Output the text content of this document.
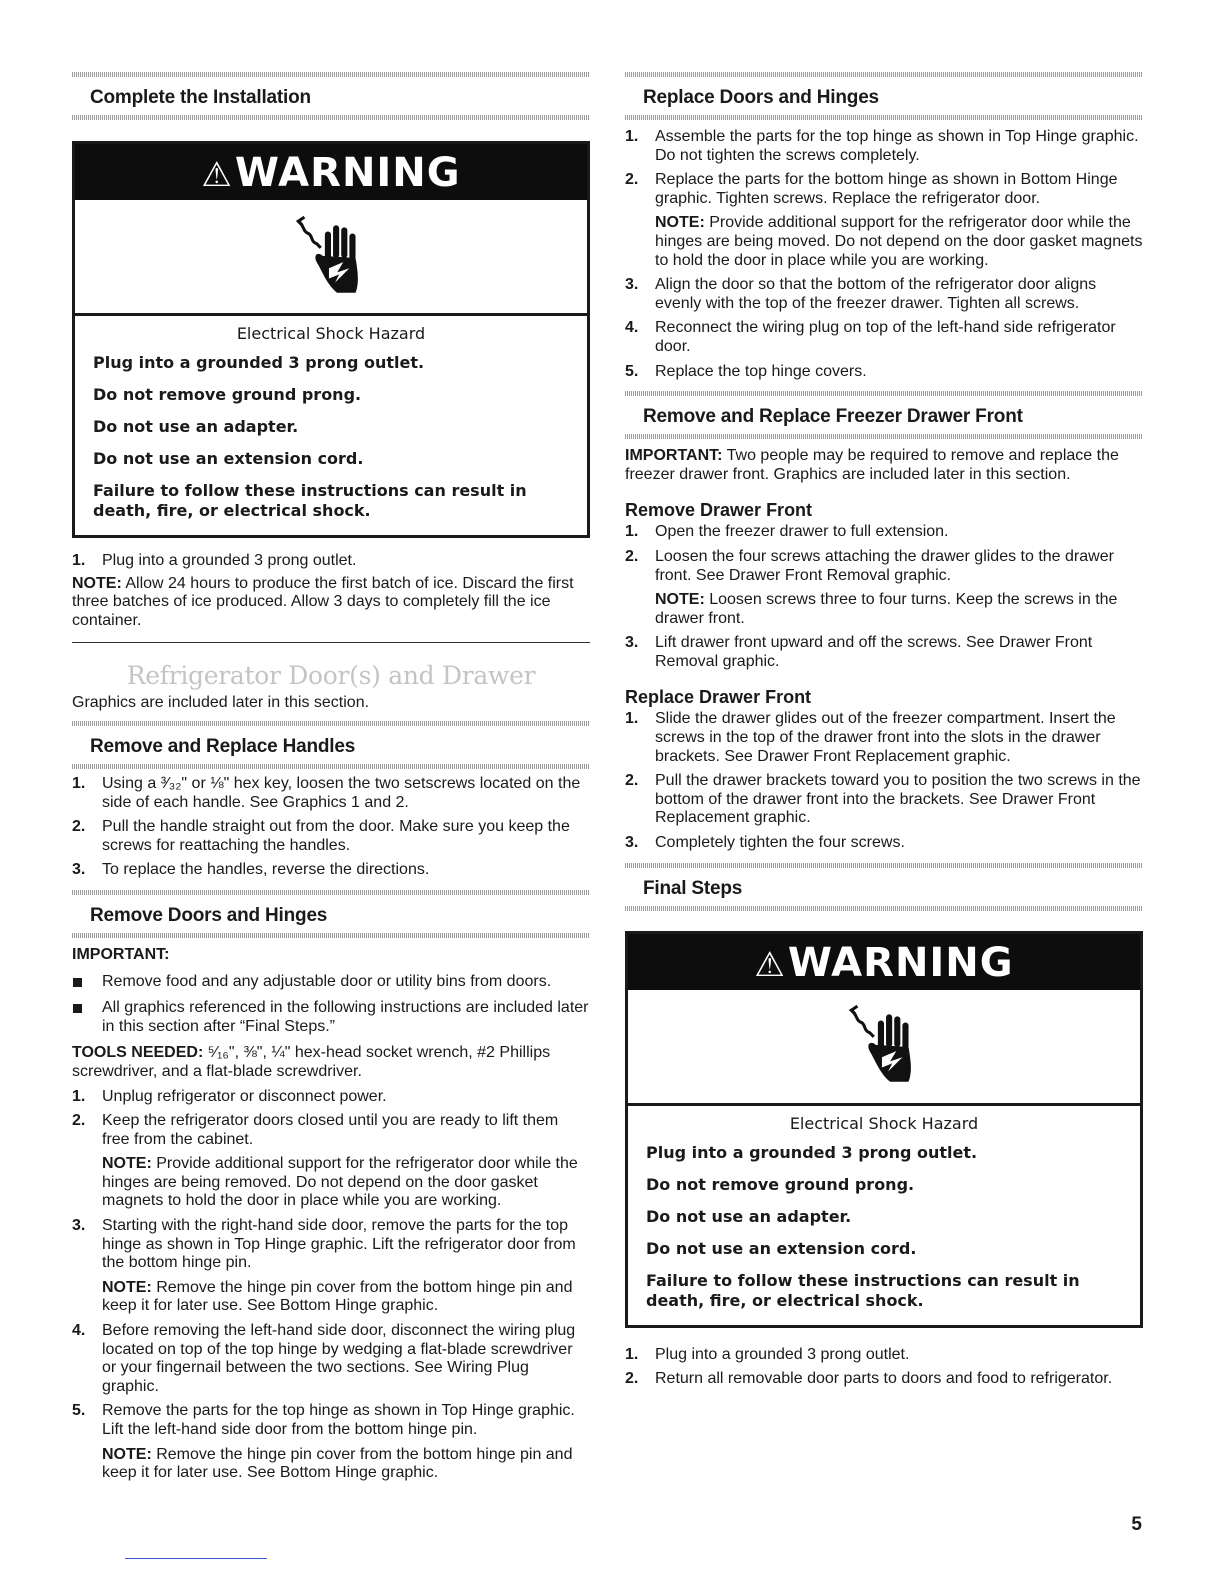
Complete the Installation
⚠WARNING
Electrical Shock Hazard
Plug into a grounded 3 prong outlet.
Do not remove ground prong.
Do not use an adapter.
Do not use an extension cord.
Failure to follow these instructions can result in death, fire, or electrical shock.
1. Plug into a grounded 3 prong outlet.

NOTE: Allow 24 hours to produce the first batch of ice. Discard the first three batches of ice produced. Allow 3 days to completely fill the ice container.

Refrigerator Door(s) and Drawer

Graphics are included later in this section.

Remove and Replace Handles
1. Using a ³⁄₃₂" or ⅛" hex key, loosen the two setscrews located on the side of each handle. See Graphics 1 and 2.
2. Pull the handle straight out from the door. Make sure you keep the screws for reattaching the handles.
3. To replace the handles, reverse the directions.
Remove Doors and Hinges

IMPORTANT:

Remove food and any adjustable door or utility bins from doors.
All graphics referenced in the following instructions are included later in this section after “Final Steps.”

TOOLS NEEDED: ⁵⁄₁₆", ⅜", ¼" hex-head socket wrench, #2 Phillips screwdriver, and a flat-blade screwdriver.

1. Unplug refrigerator or disconnect power.
2. Keep the refrigerator doors closed until you are ready to lift them free from the cabinet.
NOTE: Provide additional support for the refrigerator door while the hinges are being removed. Do not depend on the door gasket magnets to hold the door in place while you are working.
3. Starting with the right-hand side door, remove the parts for the top hinge as shown in Top Hinge graphic. Lift the refrigerator door from the bottom hinge pin.
NOTE: Remove the hinge pin cover from the bottom hinge pin and keep it for later use. See Bottom Hinge graphic.
4. Before removing the left-hand side door, disconnect the wiring plug located on top of the top hinge by wedging a flat-blade screwdriver or your fingernail between the two sections. See Wiring Plug graphic.
5. Remove the parts for the top hinge as shown in Top Hinge graphic. Lift the left-hand side door from the bottom hinge pin.
NOTE: Remove the hinge pin cover from the bottom hinge pin and keep it for later use. See Bottom Hinge graphic.
Replace Doors and Hinges
1. Assemble the parts for the top hinge as shown in Top Hinge graphic. Do not tighten the screws completely.
2. Replace the parts for the bottom hinge as shown in Bottom Hinge graphic. Tighten screws. Replace the refrigerator door.
NOTE: Provide additional support for the refrigerator door while the hinges are being moved. Do not depend on the door gasket magnets to hold the door in place while you are working.
3. Align the door so that the bottom of the refrigerator door aligns evenly with the top of the freezer drawer. Tighten all screws.
4. Reconnect the wiring plug on top of the left-hand side refrigerator door.
5. Replace the top hinge covers.
Remove and Replace Freezer Drawer Front

IMPORTANT: Two people may be required to remove and replace the freezer drawer front. Graphics are included later in this section.

Remove Drawer Front
1. Open the freezer drawer to full extension.
2. Loosen the four screws attaching the drawer glides to the drawer front. See Drawer Front Removal graphic.
NOTE: Loosen screws three to four turns. Keep the screws in the drawer front.
3. Lift drawer front upward and off the screws. See Drawer Front Removal graphic.
Replace Drawer Front
1. Slide the drawer glides out of the freezer compartment. Insert the screws in the top of the drawer front into the slots in the drawer brackets. See Drawer Front Replacement graphic.
2. Pull the drawer brackets toward you to position the two screws in the bottom of the drawer front into the brackets. See Drawer Front Replacement graphic.
3. Completely tighten the four screws.
Final Steps
⚠WARNING
Electrical Shock Hazard
Plug into a grounded 3 prong outlet.
Do not remove ground prong.
Do not use an adapter.
Do not use an extension cord.
Failure to follow these instructions can result in death, fire, or electrical shock.
1. Plug into a grounded 3 prong outlet.
2. Return all removable door parts to doors and food to refrigerator.
5
